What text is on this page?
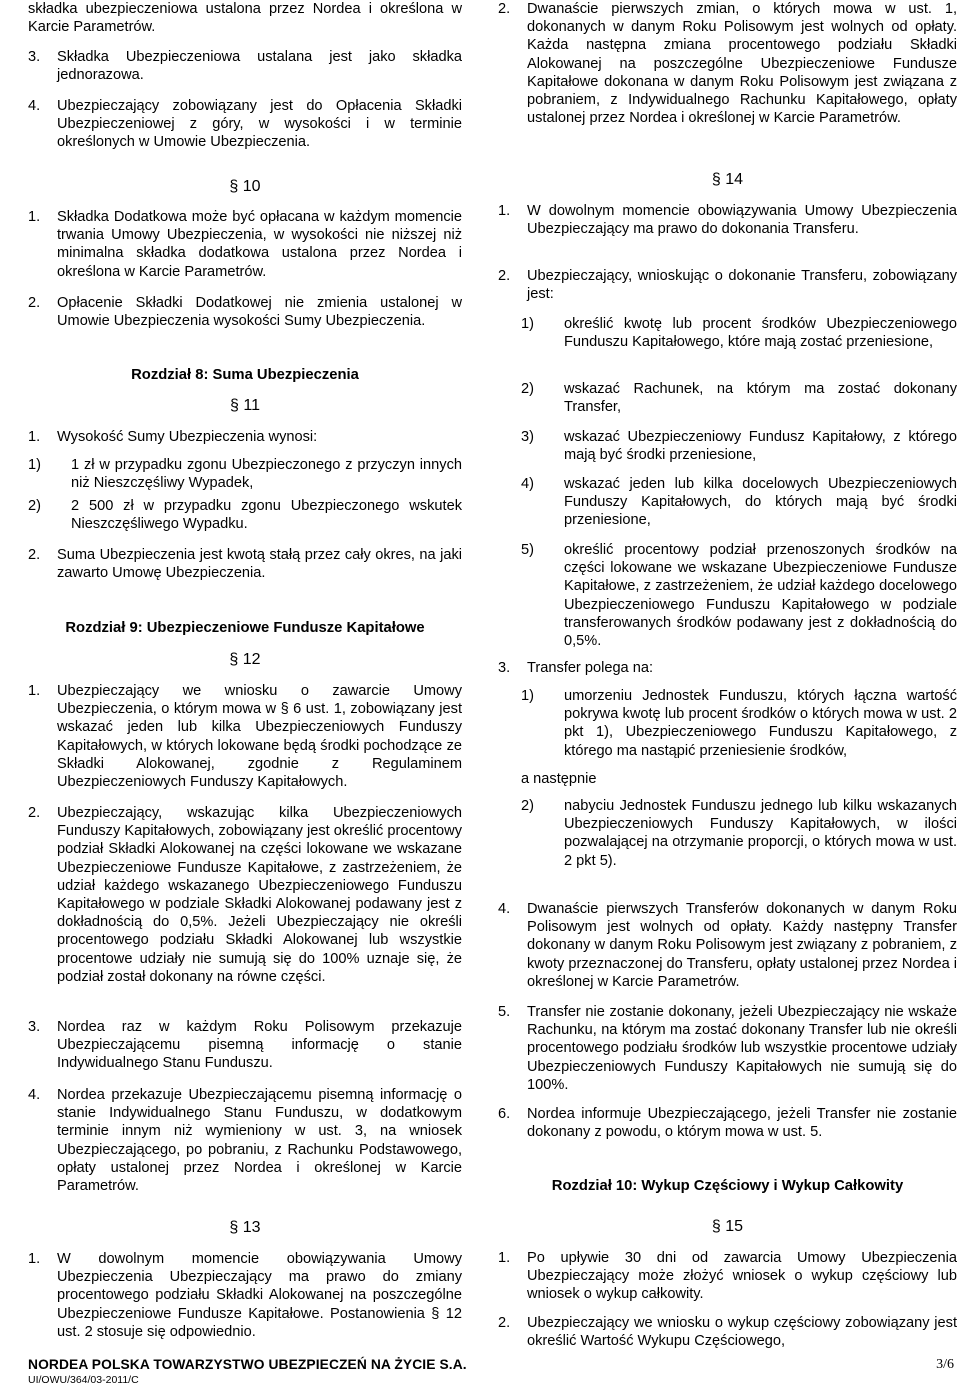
składka ubezpieczeniowa ustalona przez Nordea i określona w Karcie Parametrów.
3.	Składka Ubezpieczeniowa ustalana jest jako składka jednorazowa.
4.	Ubezpieczający zobowiązany jest do Opłacenia Składki Ubezpieczeniowej z góry, w wysokości i w terminie określonych w Umowie Ubezpieczenia.
§ 10
1.	Składka Dodatkowa może być opłacana w każdym momencie trwania Umowy Ubezpieczenia, w wysokości nie niższej niż minimalna składka dodatkowa ustalona przez Nordea i określona w Karcie Parametrów.
2.	Opłacenie Składki Dodatkowej nie zmienia ustalonej w Umowie Ubezpieczenia wysokości Sumy Ubezpieczenia.
Rozdział 8: Suma Ubezpieczenia
§ 11
1.	Wysokość Sumy Ubezpieczenia wynosi:
1)	1 zł w przypadku zgonu Ubezpieczonego z przyczyn innych niż Nieszczęśliwy Wypadek,
2)	2 500 zł w przypadku zgonu Ubezpieczonego wskutek Nieszczęśliwego Wypadku.
2.	Suma Ubezpieczenia jest kwotą stałą przez cały okres, na jaki zawarto Umowę Ubezpieczenia.
Rozdział 9: Ubezpieczeniowe Fundusze Kapitałowe
§ 12
1.	Ubezpieczający we wniosku o zawarcie Umowy Ubezpieczenia, o którym mowa w § 6 ust. 1, zobowiązany jest wskazać jeden lub kilka Ubezpieczeniowych Funduszy Kapitałowych, w których lokowane będą środki pochodzące ze Składki Alokowanej, zgodnie z Regulaminem Ubezpieczeniowych Funduszy Kapitałowych.
2.	Ubezpieczający, wskazując kilka Ubezpieczeniowych Funduszy Kapitałowych, zobowiązany jest określić procentowy podział Składki Alokowanej na części lokowane we wskazane Ubezpieczeniowe Fundusze Kapitałowe, z zastrzeżeniem, że udział każdego wskazanego Ubezpieczeniowego Funduszu Kapitałowego w podziale Składki Alokowanej podawany jest z dokładnością do 0,5%. Jeżeli Ubezpieczający nie określi procentowego podziału Składki Alokowanej lub wszystkie procentowe udziały nie sumują się do 100% uznaje się, że podział został dokonany na równe części.
3.	Nordea raz w każdym Roku Polisowym przekazuje Ubezpieczającemu pisemną informację o stanie Indywidualnego Stanu Funduszu.
4.	Nordea przekazuje Ubezpieczającemu pisemną informację o stanie Indywidualnego Stanu Funduszu, w dodatkowym terminie innym niż wymieniony w ust. 3, na wniosek Ubezpieczającego, po pobraniu, z Rachunku Podstawowego, opłaty ustalonej przez Nordea i określonej w Karcie Parametrów.
§ 13
1.	W dowolnym momencie obowiązywania Umowy Ubezpieczenia Ubezpieczający ma prawo do zmiany procentowego podziału Składki Alokowanej na poszczególne Ubezpieczeniowe Fundusze Kapitałowe. Postanowienia § 12 ust. 2 stosuje się odpowiednio.
2.	Dwanaście pierwszych zmian, o których mowa w ust. 1, dokonanych w danym Roku Polisowym jest wolnych od opłaty. Każda następna zmiana procentowego podziału Składki Alokowanej na poszczególne Ubezpieczeniowe Fundusze Kapitałowe dokonana w danym Roku Polisowym jest związana z pobraniem, z Indywidualnego Rachunku Kapitałowego, opłaty ustalonej przez Nordea i określonej w Karcie Parametrów.
§ 14
1.	W dowolnym momencie obowiązywania Umowy Ubezpieczenia Ubezpieczający ma prawo do dokonania Transferu.
2.	Ubezpieczający, wnioskując o dokonanie Transferu, zobowiązany jest:
1)	określić kwotę lub procent środków Ubezpieczeniowego Funduszu Kapitałowego, które mają zostać przeniesione,
2)	wskazać Rachunek, na którym ma zostać dokonany Transfer,
3)	wskazać Ubezpieczeniowy Fundusz Kapitałowy, z którego mają być środki przeniesione,
4)	wskazać jeden lub kilka docelowych Ubezpieczeniowych Funduszy Kapitałowych, do których mają być środki przeniesione,
5)	określić procentowy podział przenoszonych środków na części lokowane we wskazane Ubezpieczeniowe Fundusze Kapitałowe, z zastrzeżeniem, że udział każdego docelowego Ubezpieczeniowego Funduszu Kapitałowego w podziale transferowanych środków podawany jest z dokładnością do 0,5%.
3.	Transfer polega na:
1)	umorzeniu Jednostek Funduszu, których łączna wartość pokrywa kwotę lub procent środków o których mowa w ust. 2 pkt 1), Ubezpieczeniowego Funduszu Kapitałowego, z którego ma nastąpić przeniesienie środków,
a następnie
2)	nabyciu Jednostek Funduszu jednego lub kilku wskazanych Ubezpieczeniowych Funduszy Kapitałowych, w ilości pozwalającej na otrzymanie proporcji, o których mowa w ust. 2 pkt 5).
4.	Dwanaście pierwszych Transferów dokonanych w danym Roku Polisowym jest wolnych od opłaty. Każdy następny Transfer dokonany w danym Roku Polisowym jest związany z pobraniem, z kwoty przeznaczonej do Transferu, opłaty ustalonej przez Nordea i określonej w Karcie Parametrów.
5.	Transfer nie zostanie dokonany, jeżeli Ubezpieczający nie wskaże Rachunku, na którym ma zostać dokonany Transfer lub nie określi procentowego podziału środków lub wszystkie procentowe udziały Ubezpieczeniowych Funduszy Kapitałowych nie sumują się do 100%.
6.	Nordea informuje Ubezpieczającego, jeżeli Transfer nie zostanie dokonany z powodu, o którym mowa w ust. 5.
Rozdział 10: Wykup Częściowy i Wykup Całkowity
§ 15
1.	Po upływie 30 dni od zawarcia Umowy Ubezpieczenia Ubezpieczający może złożyć wniosek o wykup częściowy lub wniosek o wykup całkowity.
2.	Ubezpieczający we wniosku o wykup częściowy zobowiązany jest określić Wartość Wykupu Częściowego,
NORDEA POLSKA TOWARZYSTWO UBEZPIECZEŃ NA ŻYCIE S.A.
UI/OWU/364/03-2011/C
3/6
